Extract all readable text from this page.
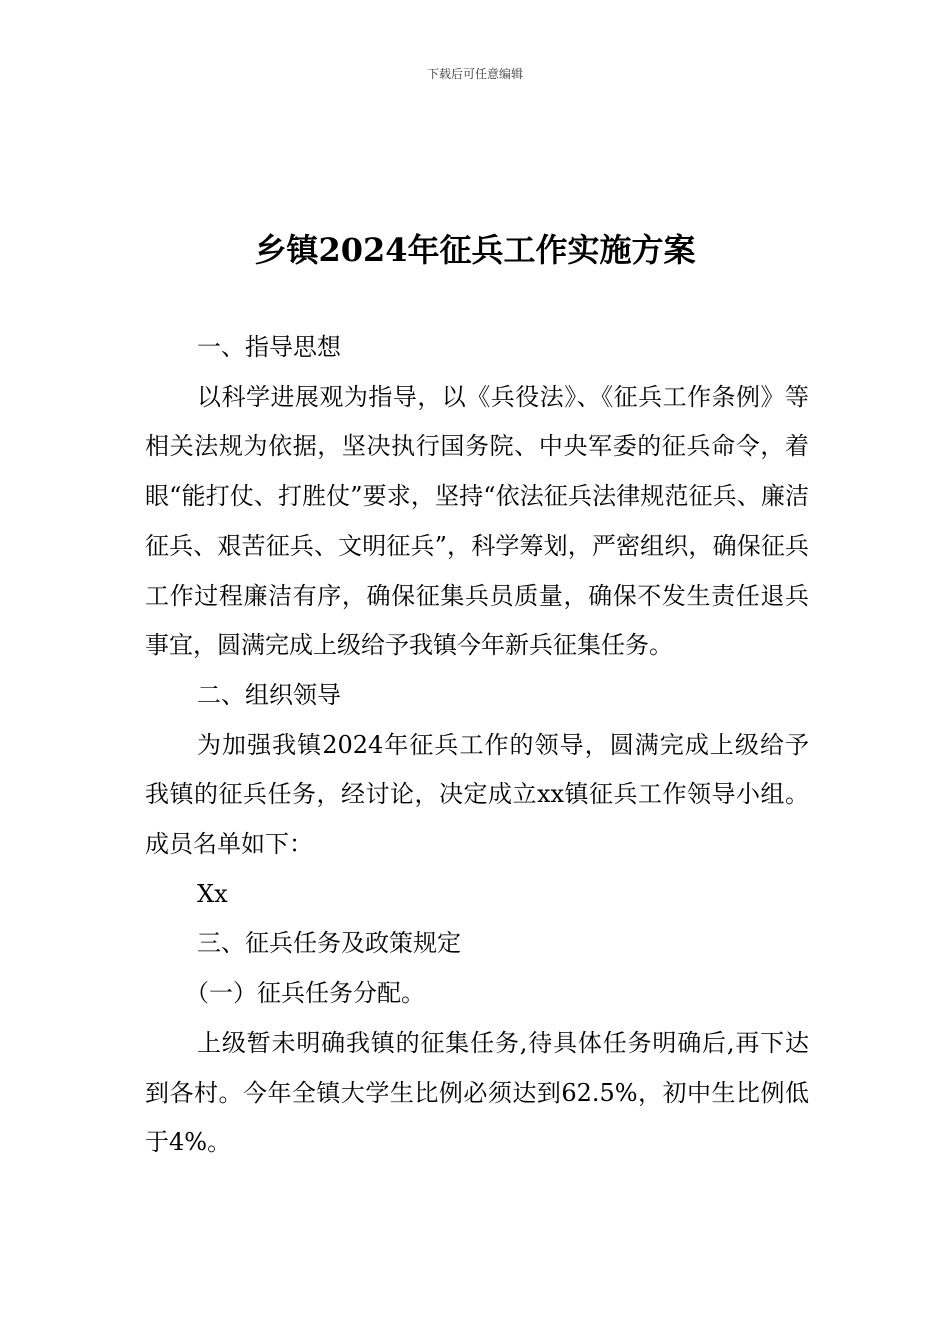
下载后可任意编辑
乡镇2024年征兵工作实施方案

一、指导思想

以科学进展观为指导，以《兵役法》、《征兵工作条例》等相关法规为依据，坚决执行国务院、中央军委的征兵命令，着眼“能打仗、打胜仗”要求，坚持“依法征兵法律规范征兵、廉洁征兵、艰苦征兵、文明征兵”，科学筹划，严密组织，确保征兵工作过程廉洁有序，确保征集兵员质量，确保不发生责任退兵事宜，圆满完成上级给予我镇今年新兵征集任务。

二、组织领导

为加强我镇2024年征兵工作的领导，圆满完成上级给予我镇的征兵任务，经讨论，决定成立xx镇征兵工作领导小组。成员名单如下：

Xx

三、征兵任务及政策规定

（一）征兵任务分配。

上级暂未明确我镇的征集任务,待具体任务明确后,再下达到各村。今年全镇大学生比例必须达到62.5%，初中生比例低于4%。
